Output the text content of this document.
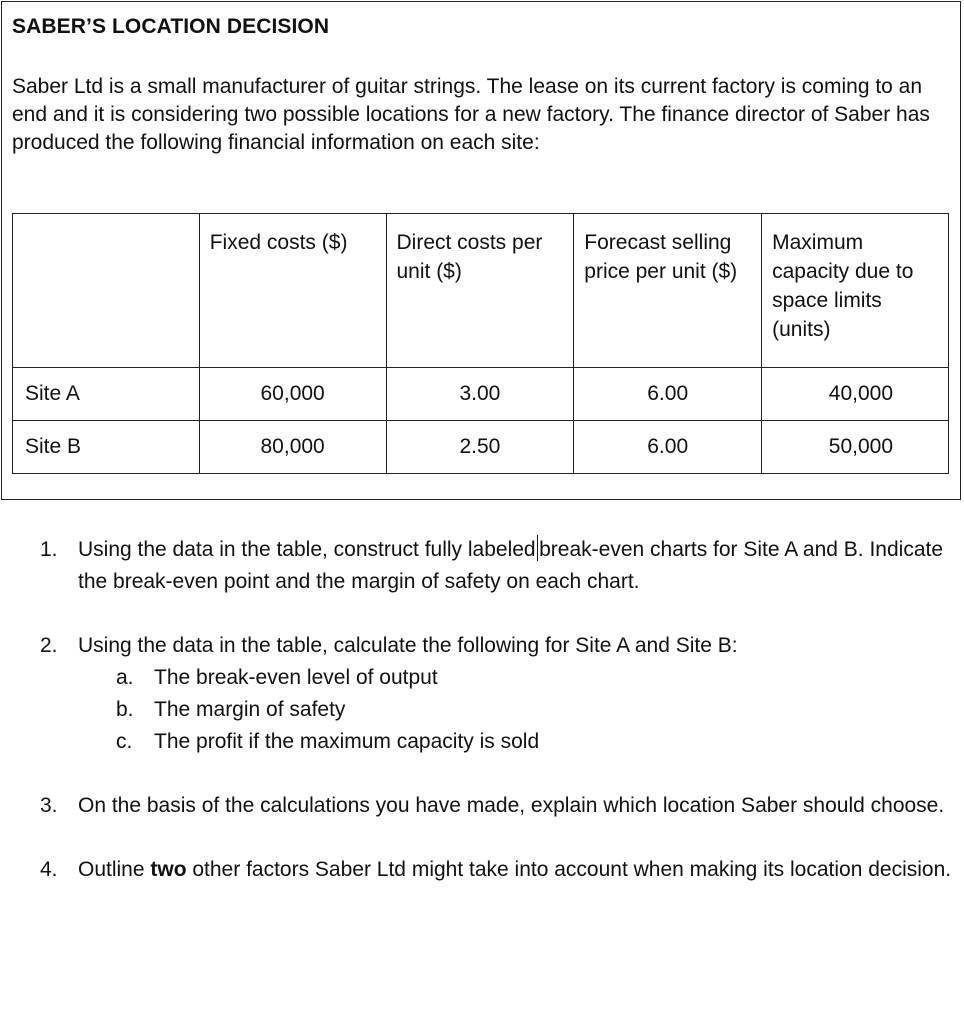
SABER’S LOCATION DECISION
Saber Ltd is a small manufacturer of guitar strings. The lease on its current factory is coming to an end and it is considering two possible locations for a new factory. The finance director of Saber has produced the following financial information on each site:
	Fixed costs ($)	Direct costs per unit ($)	Forecast selling price per unit ($)	Maximum capacity due to space limits (units)
Site A	60,000	3.00	6.00	40,000
Site B	80,000	2.50	6.00	50,000
1. Using the data in the table, construct fully labeled break-even charts for Site A and B. Indicate the break-even point and the margin of safety on each chart.
2. Using the data in the table, calculate the following for Site A and Site B:
a. The break-even level of output
b. The margin of safety
c. The profit if the maximum capacity is sold
3. On the basis of the calculations you have made, explain which location Saber should choose.
4. Outline two other factors Saber Ltd might take into account when making its location decision.
